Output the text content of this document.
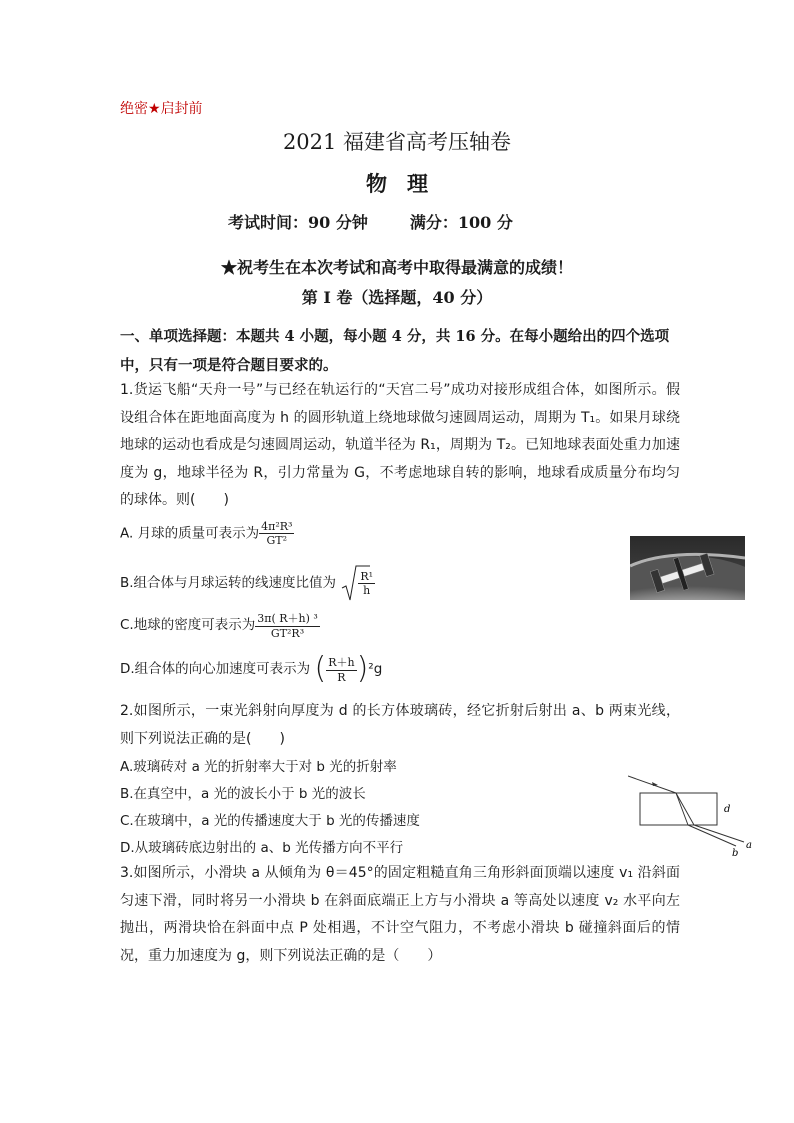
绝密★启封前
2021 福建省高考压轴卷
物理
考试时间：90 分钟	满分：100 分
★祝考生在本次考试和高考中取得最满意的成绩！
第 I 卷（选择题，40 分）
一、单项选择题：本题共 4 小题，每小题 4 分，共 16 分。在每小题给出的四个选项中，只有一项是符合题目要求的。
1.货运飞船“天舟一号”与已经在轨运行的“天宫二号”成功对接形成组合体，如图所示。假设组合体在距地面高度为 h 的圆形轨道上绕地球做匀速圆周运动，周期为 T₁。如果月球绕地球的运动也看成是匀速圆周运动，轨道半径为 R₁，周期为 T₂。已知地球表面处重力加速度为 g，地球半径为 R，引力常量为 G，不考虑地球自转的影响，地球看成质量分布均匀的球体。则(　　)
A. 月球的质量可表示为 $\frac{\text{4π²R³}}{\text{GT²}}$
B.组合体与月球运转的线速度比值为 $\frac{\text{R¹}}{h}$
C.地球的密度可表示为 $\frac{\text{3π( R＋h) ³}}{\text{GT²R³}}$
D.组合体的向心加速度可表示为 ( $\frac{R+h}{R} )^2g$
2.如图所示，一束光斜射向厚度为 d 的长方体玻璃砖，经它折射后射出 a、b 两束光线，则下列说法正确的是(　　)
A.玻璃砖对 a 光的折射率大于对 b 光的折射率
B.在真空中，a 光的波长小于 b 光的波长
C.在玻璃中，a 光的传播速度大于 b 光的传播速度
D.从玻璃砖底边射出的 a、b 光传播方向不平行
d
a
b
3.如图所示，小滑块 a 从倾角为 θ＝45°的固定粗糙直角三角形斜面顶端以速度 v₁ 沿斜面匀速下滑，同时将另一小滑块 b 在斜面底端正上方与小滑块 a 等高处以速度 v₂ 水平向左抛出，两滑块恰在斜面中点 P 处相遇，不计空气阻力，不考虑小滑块 b 碰撞斜面后的情况，重力加速度为 g，则下列说法正确的是（　　）
